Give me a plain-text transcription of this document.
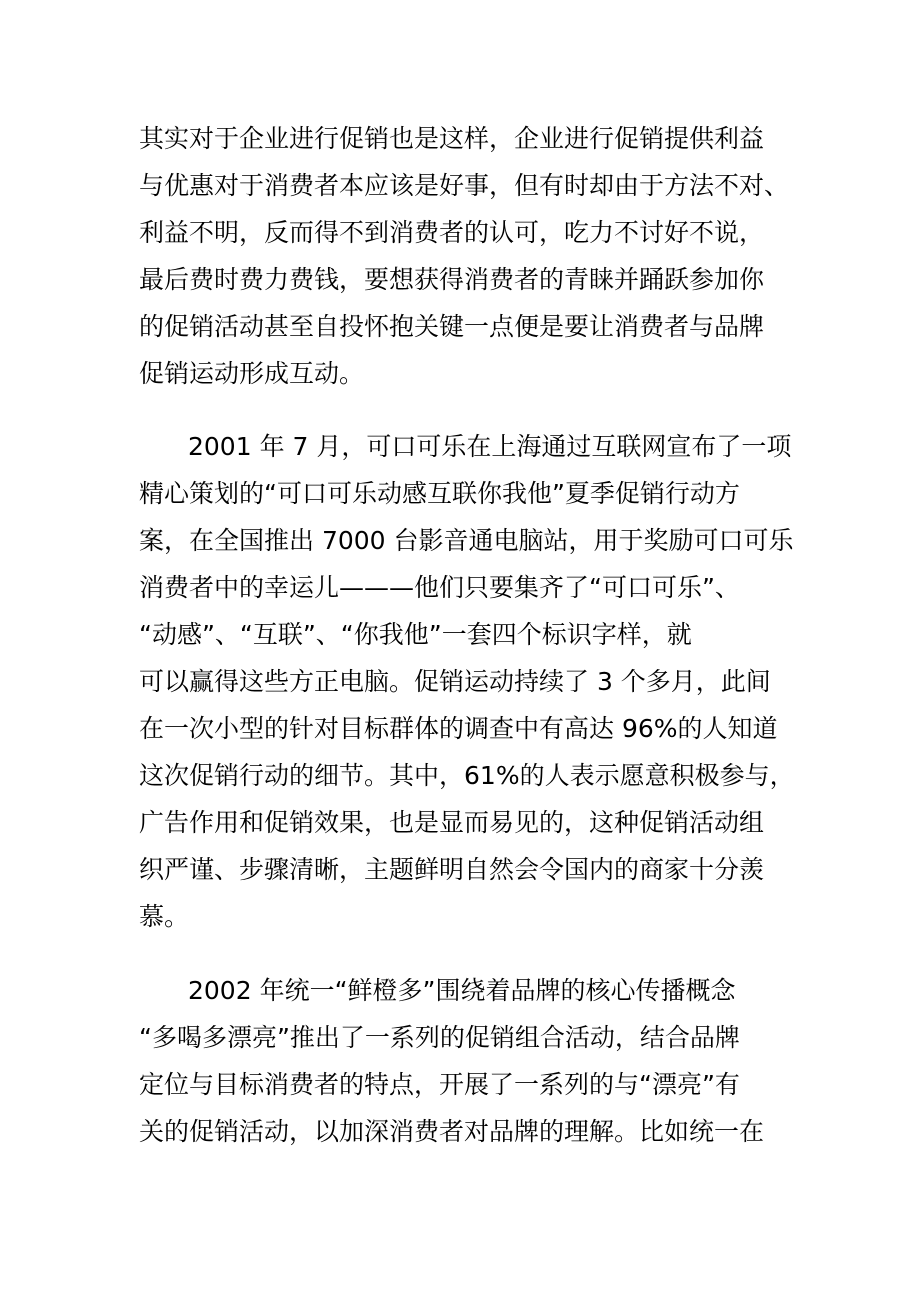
其实对于企业进行促销也是这样，企业进行促销提供利益

与优惠对于消费者本应该是好事，但有时却由于方法不对、

利益不明，反而得不到消费者的认可，吃力不讨好不说，

最后费时费力费钱，要想获得消费者的青睐并踊跃参加你

的促销活动甚至自投怀抱关键一点便是要让消费者与品牌

促销运动形成互动。

2001 年 7 月，可口可乐在上海通过互联网宣布了一项

精心策划的“可口可乐动感互联你我他”夏季促销行动方

案，在全国推出 7000 台影音通电脑站，用于奖励可口可乐

消费者中的幸运儿———他们只要集齐了“可口可乐”、

“动感”、“互联”、“你我他”一套四个标识字样，就

可以赢得这些方正电脑。促销运动持续了 3 个多月，此间

在一次小型的针对目标群体的调查中有高达 96%的人知道

这次促销行动的细节。其中，61%的人表示愿意积极参与，

广告作用和促销效果，也是显而易见的，这种促销活动组

织严谨、步骤清晰，主题鲜明自然会令国内的商家十分羡

慕。

2002 年统一“鲜橙多”围绕着品牌的核心传播概念

“多喝多漂亮”推出了一系列的促销组合活动，结合品牌

定位与目标消费者的特点，开展了一系列的与“漂亮”有

关的促销活动，以加深消费者对品牌的理解。比如统一在
